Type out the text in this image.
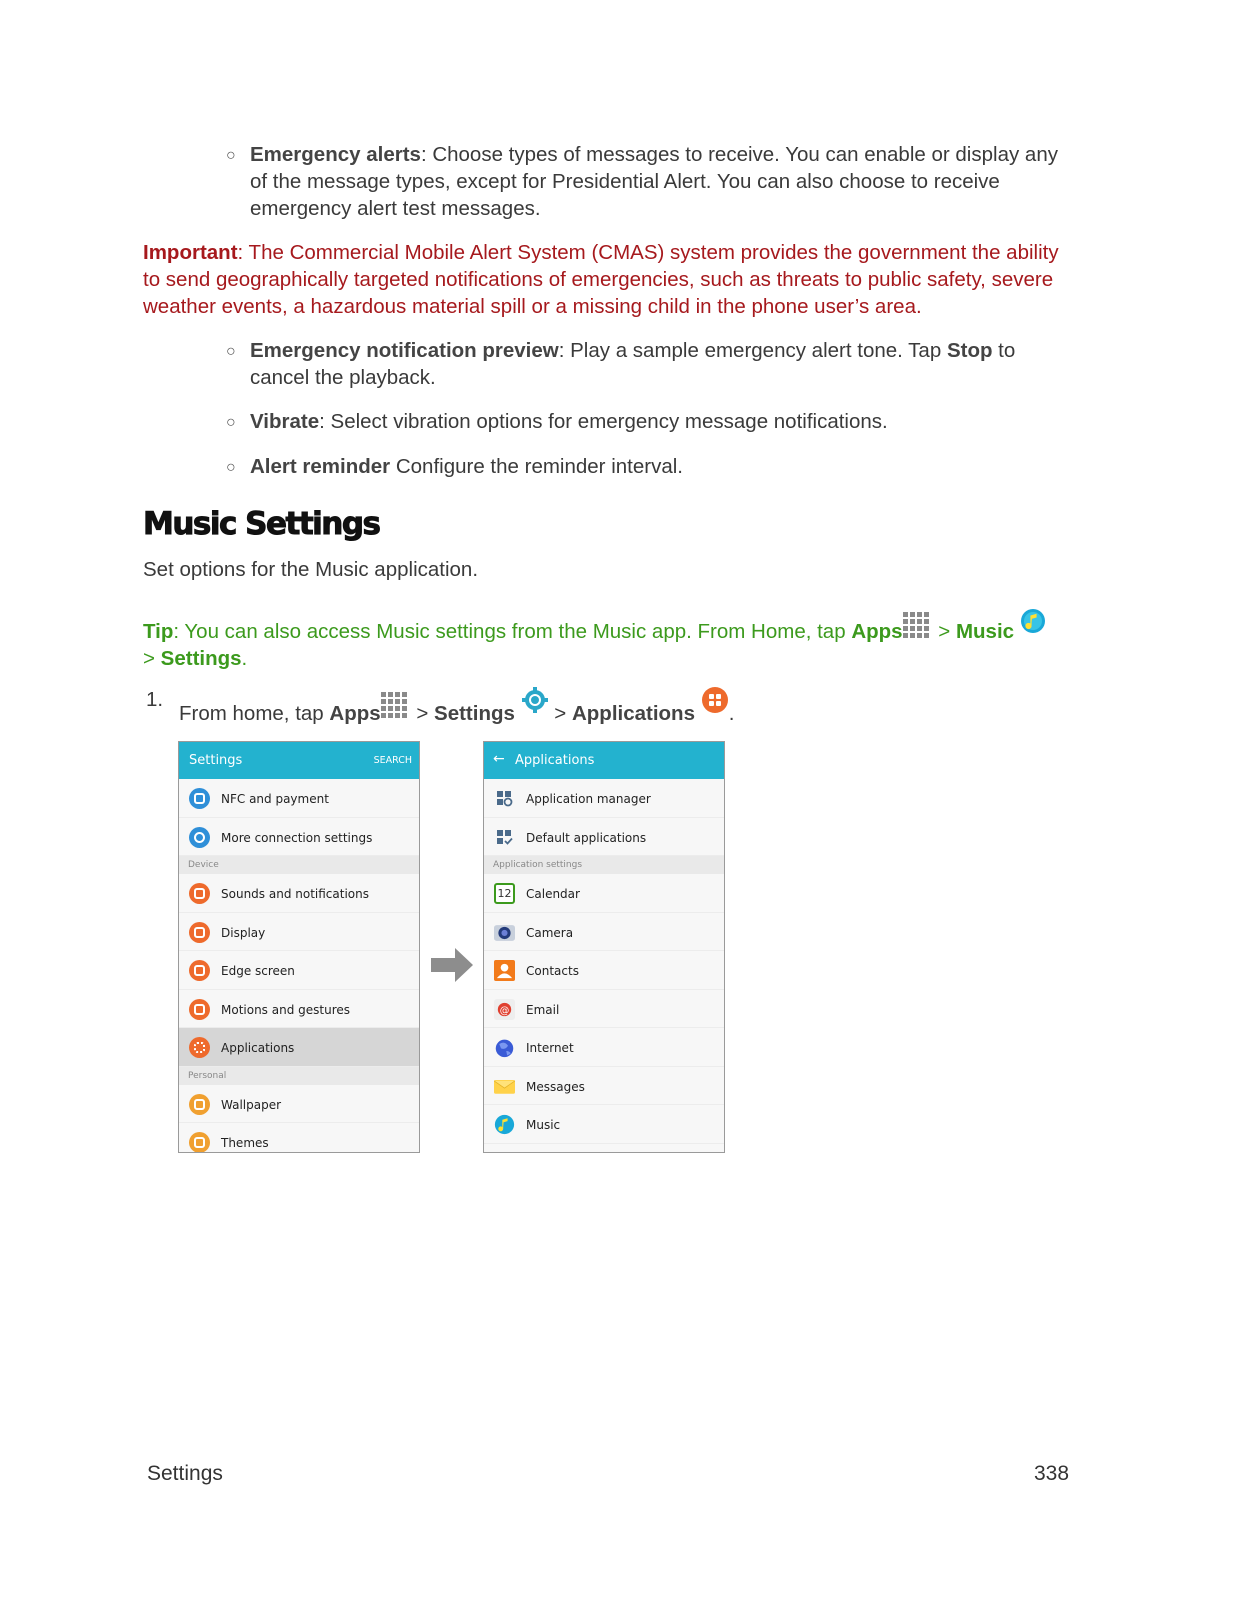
○ Emergency alerts: Choose types of messages to receive. You can enable or display any of the message types, except for Presidential Alert. You can also choose to receive emergency alert test messages.
Important: The Commercial Mobile Alert System (CMAS) system provides the government the ability to send geographically targeted notifications of emergencies, such as threats to public safety, severe weather events, a hazardous material spill or a missing child in the phone user’s area.
○ Emergency notification preview: Play a sample emergency alert tone. Tap Stop to cancel the playback.
○ Vibrate: Select vibration options for emergency message notifications.
○ Alert reminder Configure the reminder interval.
Music Settings
Set options for the Music application.
Tip: You can also access Music settings from the Music app. From Home, tap Apps > Music
> Settings.
1.
From home, tap Apps > Settings  > Applications .
Settings	SEARCH
NFC and payment
More connection settings
Device
Sounds and notifications
Display
Edge screen
Motions and gestures
Applications
Personal
Wallpaper
Themes
← Applications
Application manager
Default applications
Application settings
12 Calendar
Camera
Contacts
@ Email
Internet
Messages
Music
Settings	338
